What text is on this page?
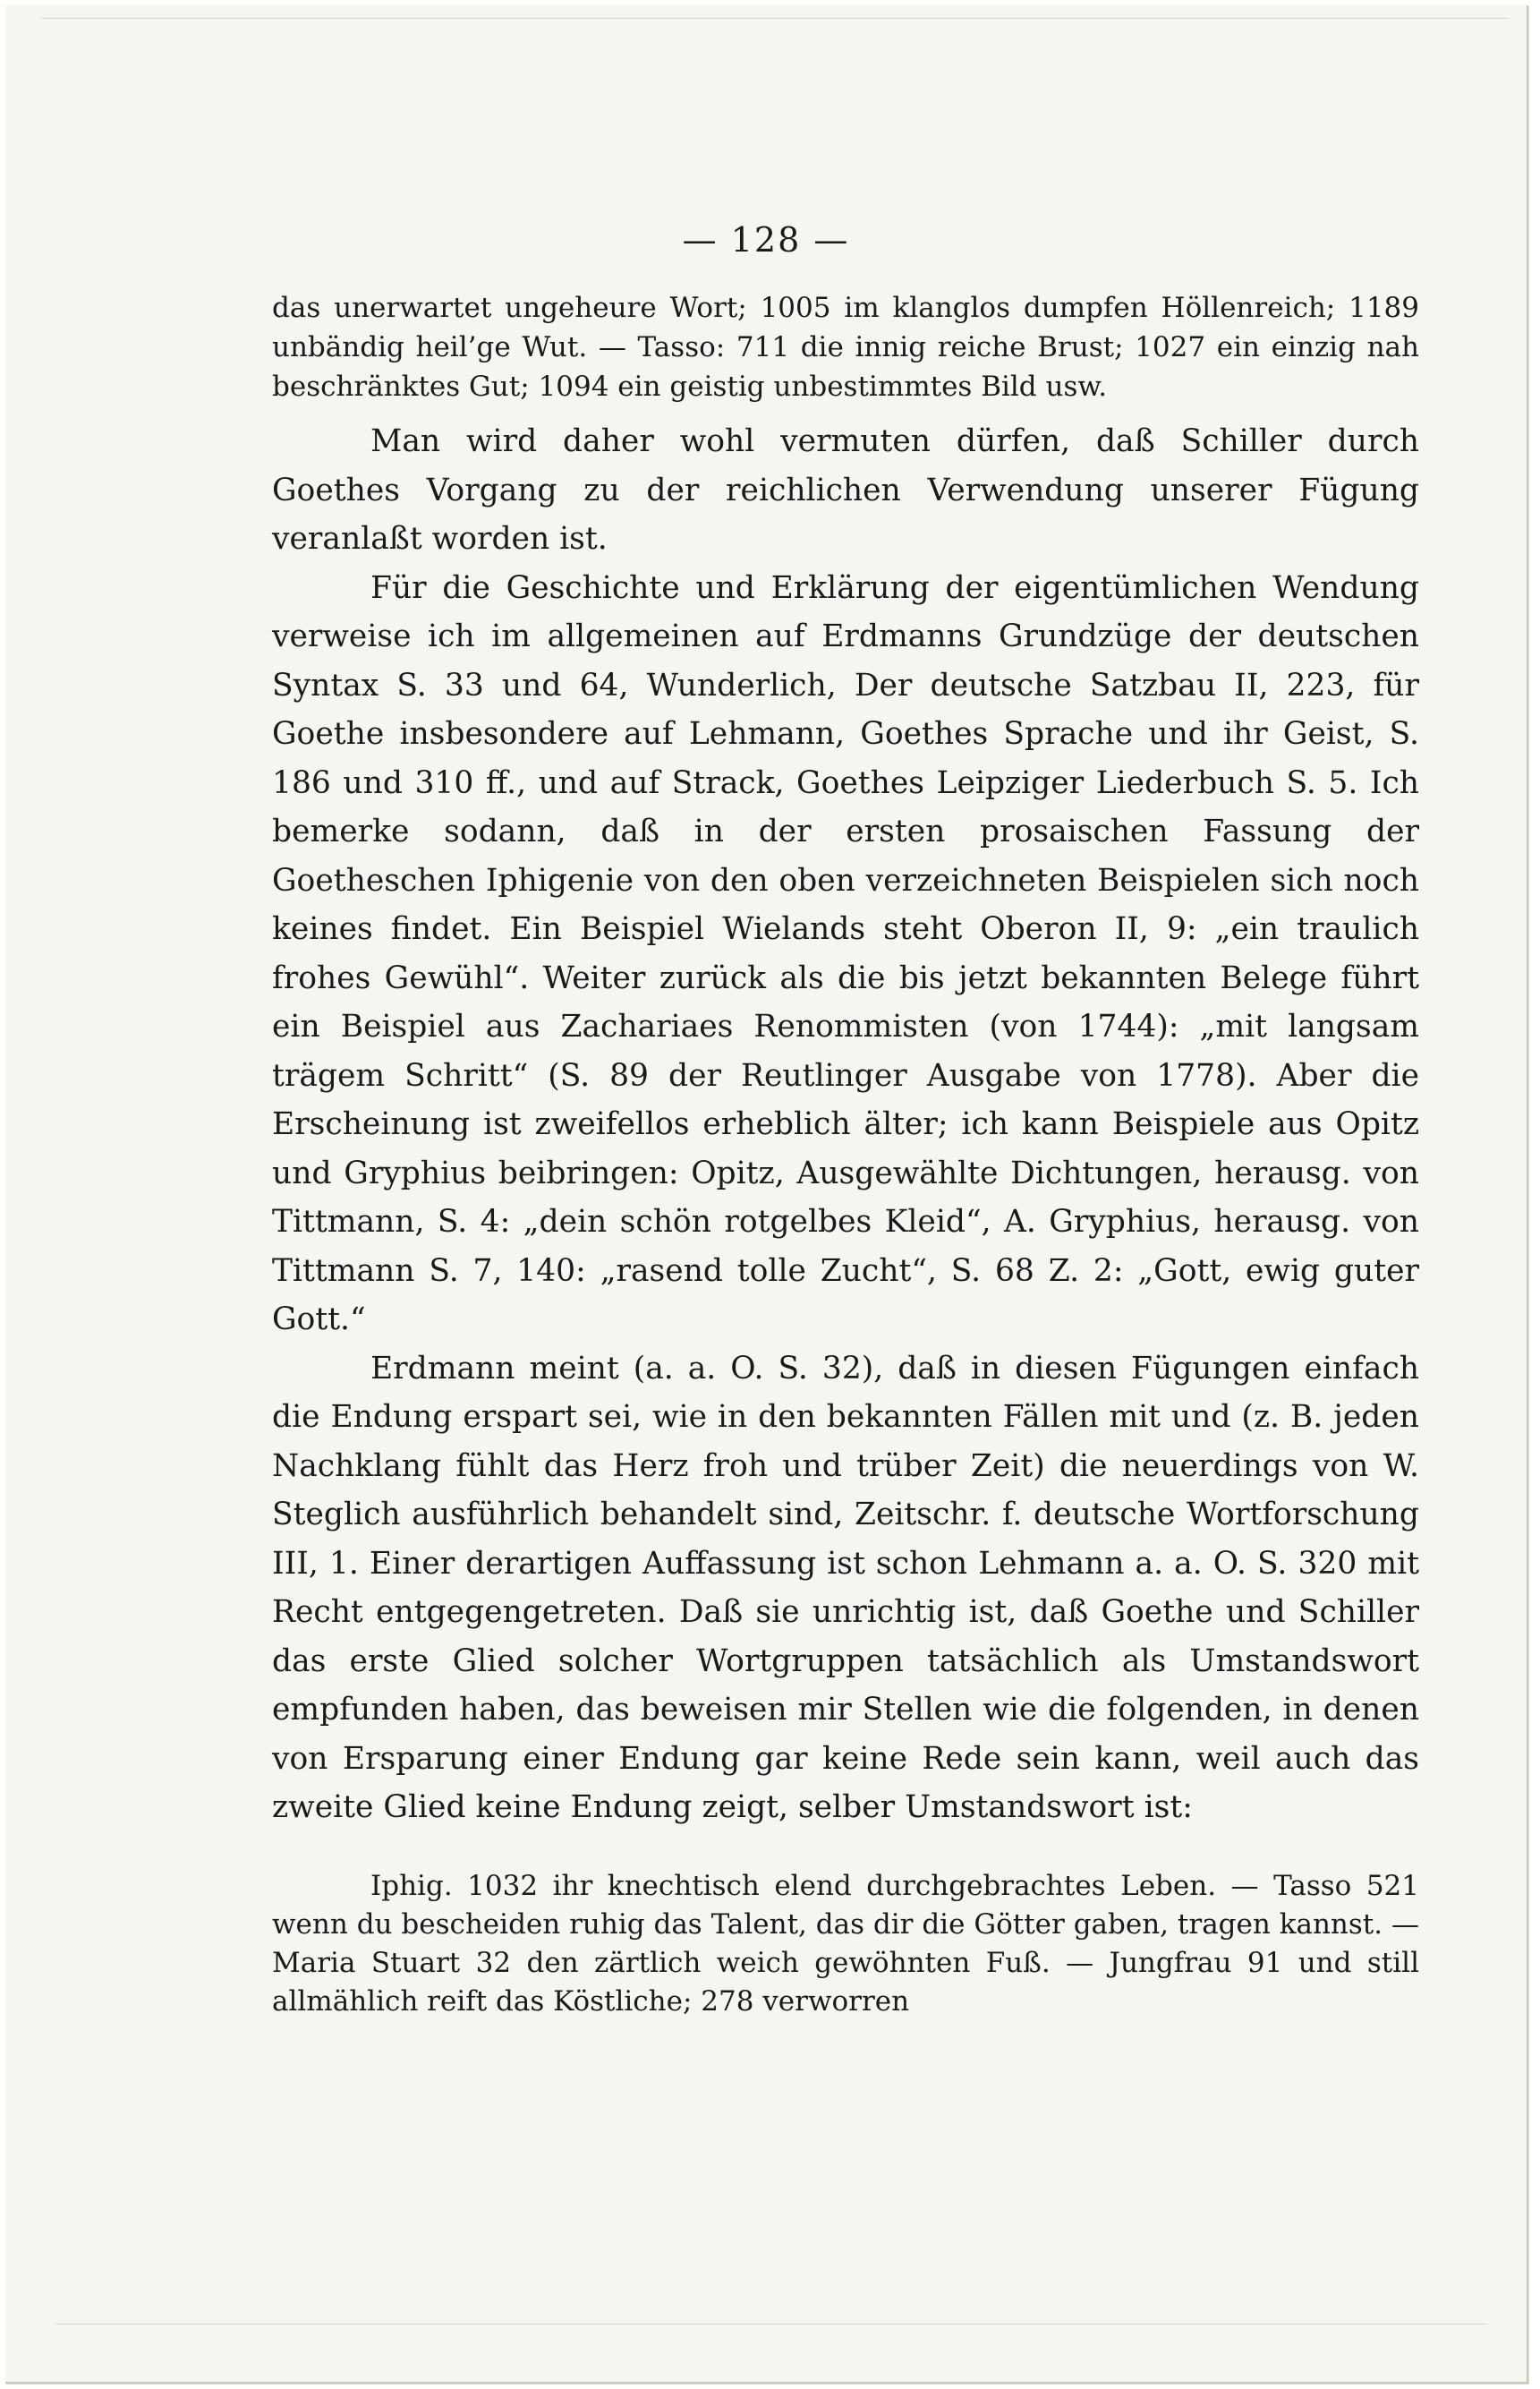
— 128 —

das unerwartet ungeheure Wort; 1005 im klanglos dumpfen Höllenreich; 1189 unbändig heil’ge Wut. — Tasso: 711 die innig reiche Brust; 1027 ein einzig nah beschränktes Gut; 1094 ein geistig unbestimmtes Bild usw.

Man wird daher wohl vermuten dürfen, daß Schiller durch Goethes Vorgang zu der reichlichen Verwendung unserer Fügung veranlaßt worden ist.

Für die Geschichte und Erklärung der eigentümlichen Wendung verweise ich im allgemeinen auf Erdmanns Grundzüge der deutschen Syntax S. 33 und 64, Wunderlich, Der deutsche Satzbau II, 223, für Goethe insbesondere auf Lehmann, Goethes Sprache und ihr Geist, S. 186 und 310 ff., und auf Strack, Goethes Leipziger Liederbuch S. 5. Ich bemerke sodann, daß in der ersten prosaischen Fassung der Goetheschen Iphigenie von den oben verzeichneten Beispielen sich noch keines findet. Ein Beispiel Wielands steht Oberon II, 9: „ein traulich frohes Gewühl“. Weiter zurück als die bis jetzt bekannten Belege führt ein Beispiel aus Zachariaes Renommisten (von 1744): „mit langsam trägem Schritt“ (S. 89 der Reutlinger Ausgabe von 1778). Aber die Erscheinung ist zweifellos erheblich älter; ich kann Beispiele aus Opitz und Gryphius beibringen: Opitz, Ausgewählte Dichtungen, herausg. von Tittmann, S. 4: „dein schön rotgelbes Kleid“, A. Gryphius, herausg. von Tittmann S. 7, 140: „rasend tolle Zucht“, S. 68 Z. 2: „Gott, ewig guter Gott.“

Erdmann meint (a. a. O. S. 32), daß in diesen Fügungen einfach die Endung erspart sei, wie in den bekannten Fällen mit und (z. B. jeden Nachklang fühlt das Herz froh und trüber Zeit) die neuerdings von W. Steglich ausführlich behandelt sind, Zeitschr. f. deutsche Wortforschung III, 1. Einer derartigen Auffassung ist schon Lehmann a. a. O. S. 320 mit Recht entgegengetreten. Daß sie unrichtig ist, daß Goethe und Schiller das erste Glied solcher Wortgruppen tatsächlich als Umstandswort empfunden haben, das beweisen mir Stellen wie die folgenden, in denen von Ersparung einer Endung gar keine Rede sein kann, weil auch das zweite Glied keine Endung zeigt, selber Umstandswort ist:

Iphig. 1032 ihr knechtisch elend durchgebrachtes Leben. — Tasso 521 wenn du bescheiden ruhig das Talent, das dir die Götter gaben, tragen kannst. — Maria Stuart 32 den zärtlich weich gewöhnten Fuß. — Jungfrau 91 und still allmählich reift das Köstliche; 278 verworren
